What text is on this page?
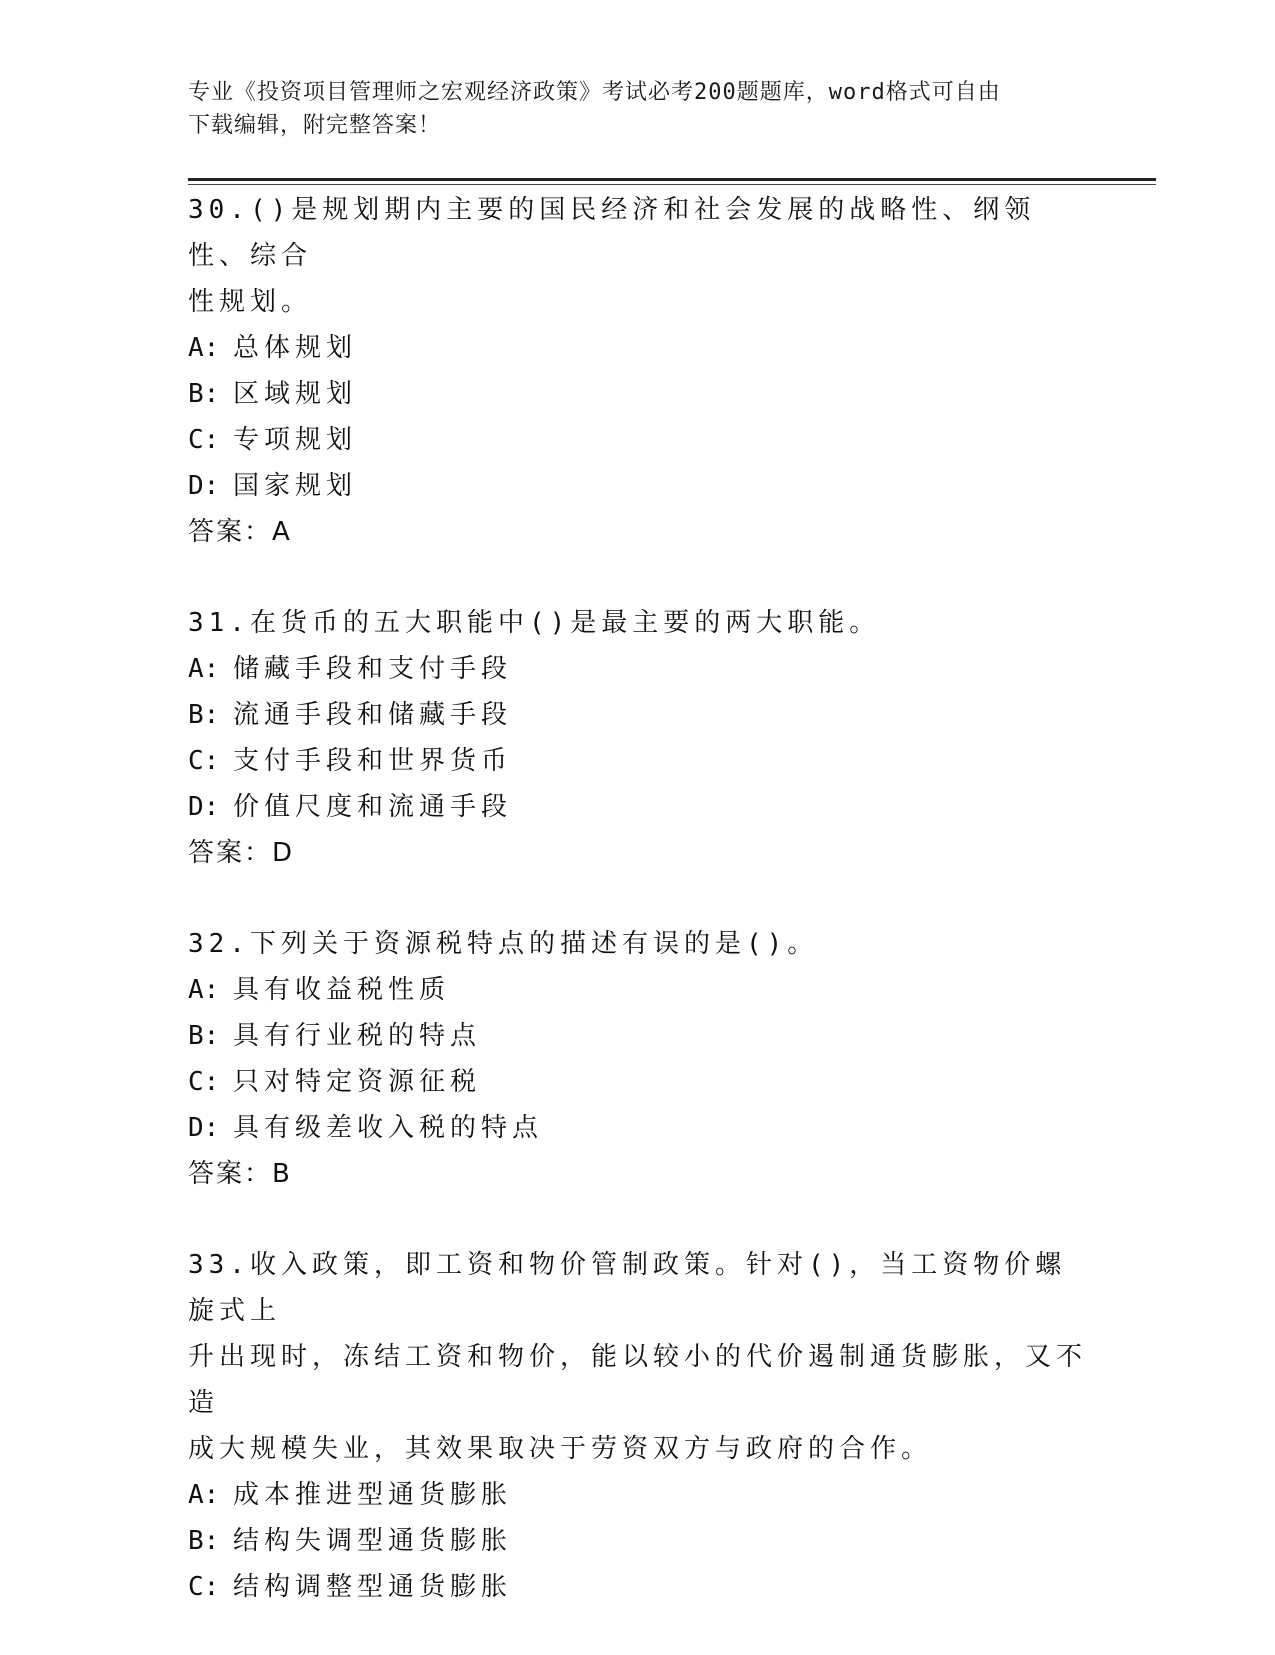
专业《投资项目管理师之宏观经济政策》考试必考200题题库，word格式可自由
下载编辑，附完整答案！

30.()是规划期内主要的国民经济和社会发展的战略性、纲领性、综合

性规划。

A: 总体规划

B: 区域规划

C: 专项规划

D: 国家规划

答案：A

31.在货币的五大职能中()是最主要的两大职能。

A: 储藏手段和支付手段

B: 流通手段和储藏手段

C: 支付手段和世界货币

D: 价值尺度和流通手段

答案：D

32.下列关于资源税特点的描述有误的是()。

A: 具有收益税性质

B: 具有行业税的特点

C: 只对特定资源征税

D: 具有级差收入税的特点

答案：B

33.收入政策，即工资和物价管制政策。针对()，当工资物价螺旋式上

升出现时，冻结工资和物价，能以较小的代价遏制通货膨胀，又不造

成大规模失业，其效果取决于劳资双方与政府的合作。

A: 成本推进型通货膨胀

B: 结构失调型通货膨胀

C: 结构调整型通货膨胀
